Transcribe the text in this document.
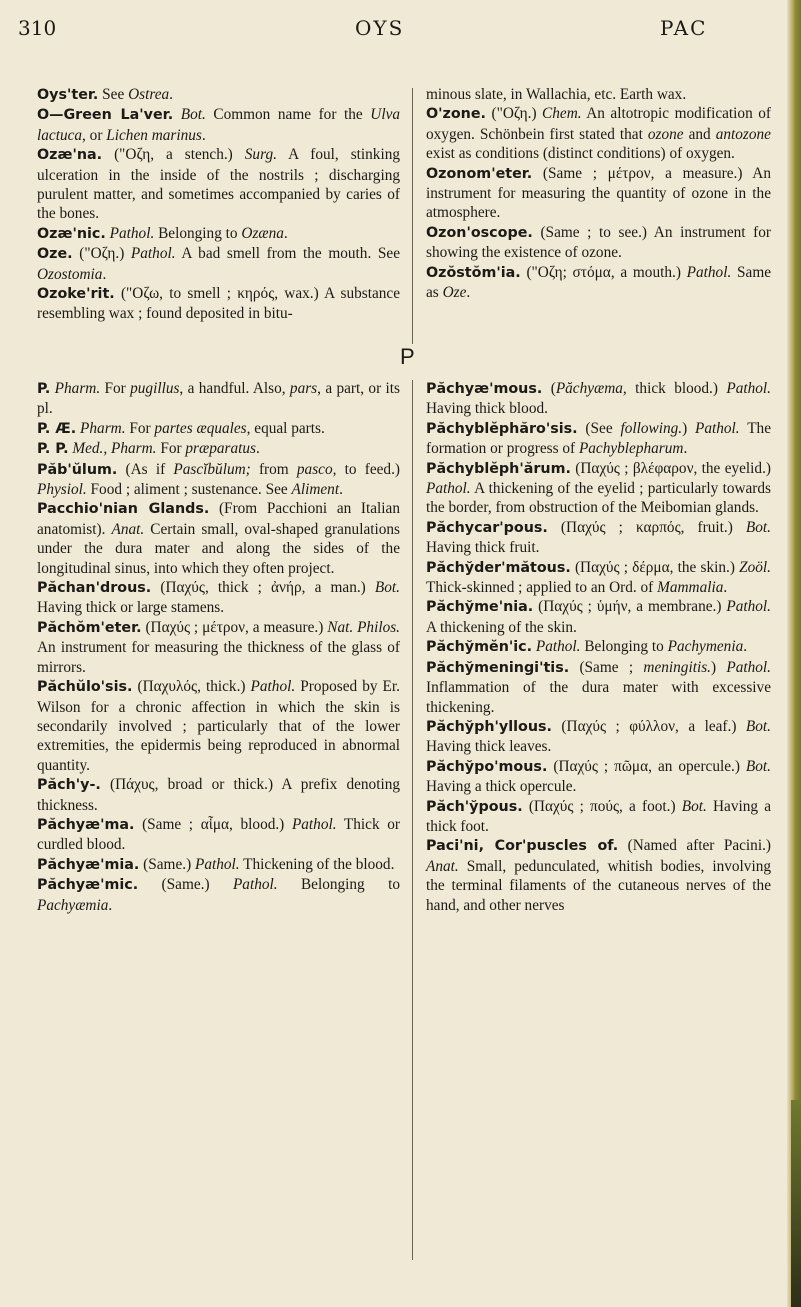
310	OYS	PAC

Oys'ter. See Ostrea.

O—Green La'ver. Bot. Common name for the Ulva lactuca, or Lichen marinus.

Ozæ'na. ("Οζη, a stench.) Surg. A foul, stinking ulceration in the inside of the nostrils ; discharging purulent matter, and sometimes accompanied by caries of the bones.

Ozæ'nic. Pathol. Belonging to Ozæna.

Oze. ("Οζη.) Pathol. A bad smell from the mouth. See Ozostomia.

Ozoke'rit. ("Οζω, to smell ; κηρός, wax.) A substance resembling wax ; found deposited in bitu-

minous slate, in Wallachia, etc. Earth wax.

O'zone. ("Οζη.) Chem. An altotropic modification of oxygen. Schönbein first stated that ozone and antozone exist as conditions (distinct conditions) of oxygen.

Ozonom'eter. (Same ; μέτρον, a measure.) An instrument for measuring the quantity of ozone in the atmosphere.

Ozon'oscope. (Same ; to see.) An instrument for showing the existence of ozone.

Ozŏstŏm'ia. ("Οζη; στόμα, a mouth.) Pathol. Same as Oze.

P

P. Pharm. For pugillus, a handful. Also, pars, a part, or its pl.

P. Æ. Pharm. For partes æquales, equal parts.

P. P. Med., Pharm. For præparatus.

Păb'ŭlum. (As if Pascĭbŭlum; from pasco, to feed.) Physiol. Food ; aliment ; sustenance. See Aliment.

Pacchio'nian Glands. (From Pacchioni an Italian anatomist). Anat. Certain small, oval-shaped granulations under the dura mater and along the sides of the longitudinal sinus, into which they often project.

Păchan'drous. (Παχύς, thick ; ἀνήρ, a man.) Bot. Having thick or large stamens.

Păchŏm'eter. (Παχύς ; μέτρον, a measure.) Nat. Philos. An instrument for measuring the thickness of the glass of mirrors.

Păchŭlo'sis. (Παχυλός, thick.) Pathol. Proposed by Er. Wilson for a chronic affection in which the skin is secondarily involved ; particularly that of the lower extremities, the epidermis being reproduced in abnormal quantity.

Păch'y-. (Πάχυς, broad or thick.) A prefix denoting thickness.

Păchyæ'ma. (Same ; αἷμα, blood.) Pathol. Thick or curdled blood.

Păchyæ'mia. (Same.) Pathol. Thickening of the blood.

Păchyæ'mic. (Same.) Pathol. Belonging to Pachyæmia.

Păchyæ'mous. (Păchyæma, thick blood.) Pathol. Having thick blood.

Păchyblĕphăro'sis. (See following.) Pathol. The formation or progress of Pachyblepharum.

Păchyblĕph'ărum. (Παχύς ; βλέφαρον, the eyelid.) Pathol. A thickening of the eyelid ; particularly towards the border, from obstruction of the Meibomian glands.

Păchycar'pous. (Παχύς ; καρπός, fruit.) Bot. Having thick fruit.

Păchy̆der'mătous. (Παχύς ; δέρμα, the skin.) Zoöl. Thick-skinned ; applied to an Ord. of Mammalia.

Păchy̆me'nia. (Παχύς ; ὑμήν, a membrane.) Pathol. A thickening of the skin.

Păchy̆mĕn'ic. Pathol. Belonging to Pachymenia.

Păchy̆meningi'tis. (Same ; meningitis.) Pathol. Inflammation of the dura mater with excessive thickening.

Păchy̆ph'yllous. (Παχύς ; φύλλον, a leaf.) Bot. Having thick leaves.

Păchy̆po'mous. (Παχύς ; πῶμα, an opercule.) Bot. Having a thick opercule.

Păch'y̆pous. (Παχύς ; πούς, a foot.) Bot. Having a thick foot.

Paci'ni, Cor'puscles of. (Named after Pacini.) Anat. Small, pedunculated, whitish bodies, involving the terminal filaments of the cutaneous nerves of the hand, and other nerves
